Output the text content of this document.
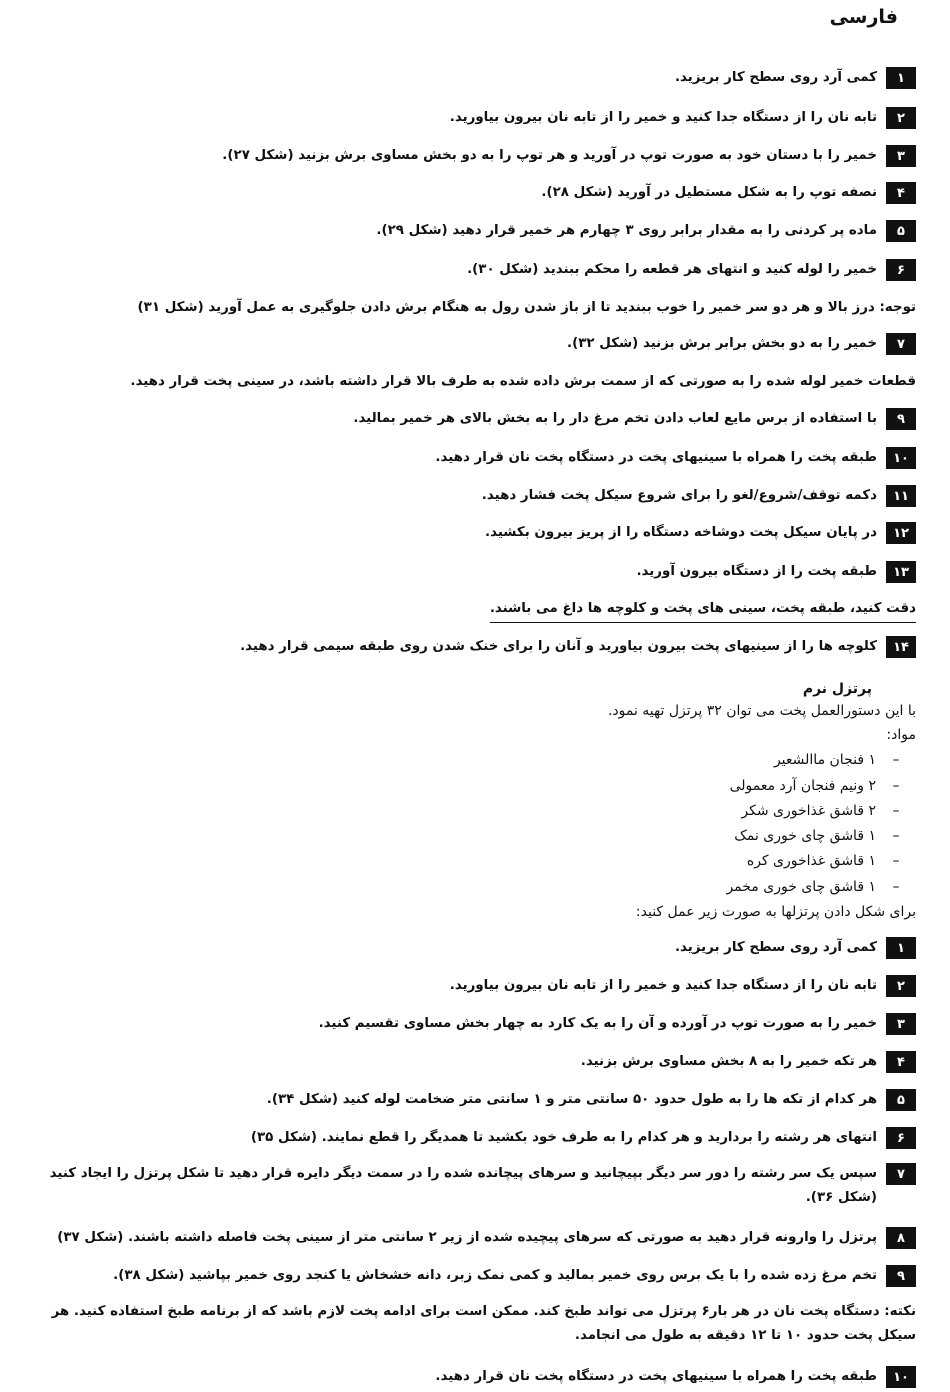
فارسی
۱
کمی آرد روی سطح کار بریزید.
۲
تابه نان را از دستگاه جدا کنید و خمیر را از تابه نان بیرون بیاورید.
۳
خمیر را با دستان خود به صورت توپ در آورید و هر توپ را به دو بخش مساوی برش بزنید (شکل ۲۷).
۴
نصفه توپ را به شکل مستطیل در آورید (شکل ۲۸).
۵
ماده پر کردنی را به مقدار برابر روی ۳ چهارم هر خمیر قرار دهید (شکل ۲۹).
۶
خمیر را لوله کنید و انتهای هر قطعه را محکم ببندید (شکل ۳۰).
توجه: درز بالا و هر دو سر خمیر را خوب ببندید تا از باز شدن رول به هنگام برش دادن جلوگیری به عمل آورید (شکل ۳۱)
۷
خمیر را به دو بخش برابر برش بزنید (شکل ۳۲).
قطعات خمیر لوله شده را به صورتی که از سمت برش داده شده به طرف بالا قرار داشته باشد، در سینی پخت قرار دهید.
۹
با استفاده از برس مایع لعاب دادن تخم مرغ دار را به بخش بالای هر خمیر بمالید.
۱۰
طبقه پخت را همراه با سینیهای پخت در دستگاه پخت نان قرار دهید.
۱۱
دکمه توقف/شروع/لغو را برای شروع سیکل پخت فشار دهید.
۱۲
در پایان سیکل پخت دوشاخه دستگاه را از پریز بیرون بکشید.
۱۳
طبقه پخت را از دستگاه بیرون آورید.
دقت کنید، طبقه پخت، سینی های پخت و کلوچه ها داغ می باشند.
۱۴
کلوچه ها را از سینیهای پخت بیرون بیاورید و آنان را برای خنک شدن روی طبقه سیمی قرار دهید.
پرتزل نرم
با این دستورالعمل پخت می توان ۳۲ پرتزل تهیه نمود.
مواد:
–
۱ فنجان ماالشعیر
–
۲ ونیم فنجان آرد معمولی
–
۲ قاشق غذاخوری شکر
–
۱ قاشق چای خوری نمک
–
۱ قاشق غذاخوری کره
–
۱ قاشق چای خوری مخمر
برای شکل دادن پرتزلها به صورت زیر عمل کنید:
۱
کمی آرد روی سطح کار بریزید.
۲
تابه نان را از دستگاه جدا کنید و خمیر را از تابه نان بیرون بیاورید.
۳
خمیر را به صورت توپ در آورده و آن را به یک کارد به چهار بخش مساوی تقسیم کنید.
۴
هر تکه خمیر را به ۸ بخش مساوی برش بزنید.
۵
هر کدام از تکه ها را به طول حدود ۵۰ سانتی متر و ۱ سانتی متر ضخامت لوله کنید (شکل ۳۴).
۶
انتهای هر رشته را بردارید و هر کدام را به طرف خود بکشید تا همدیگر را قطع نمایند. (شکل ۳۵)
۷
سپس یک سر رشته را دور سر دیگر بپیچانید و سرهای پیچانده شده را در سمت دیگر دایره قرار دهید تا شکل پرتزل را ایجاد کنید (شکل ۳۶).
۸
پرتزل را وارونه قرار دهید به صورتی که سرهای پیچیده شده از زیر ۲ سانتی متر از سینی پخت فاصله داشته باشند. (شکل ۳۷)
۹
تخم مرغ زده شده را با یک برس روی خمیر بمالید و کمی نمک زبر، دانه خشخاش یا کنجد روی خمیر بپاشید (شکل ۳۸).
نکته: دستگاه پخت نان در هر بار۶ پرتزل می تواند طبخ کند. ممکن است برای ادامه پخت لازم باشد که از برنامه طبخ استفاده کنید. هر سیکل پخت حدود ۱۰ تا ۱۲ دقیقه به طول می انجامد.
۱۰
طبقه پخت را همراه با سینیهای پخت در دستگاه پخت نان قرار دهید.
